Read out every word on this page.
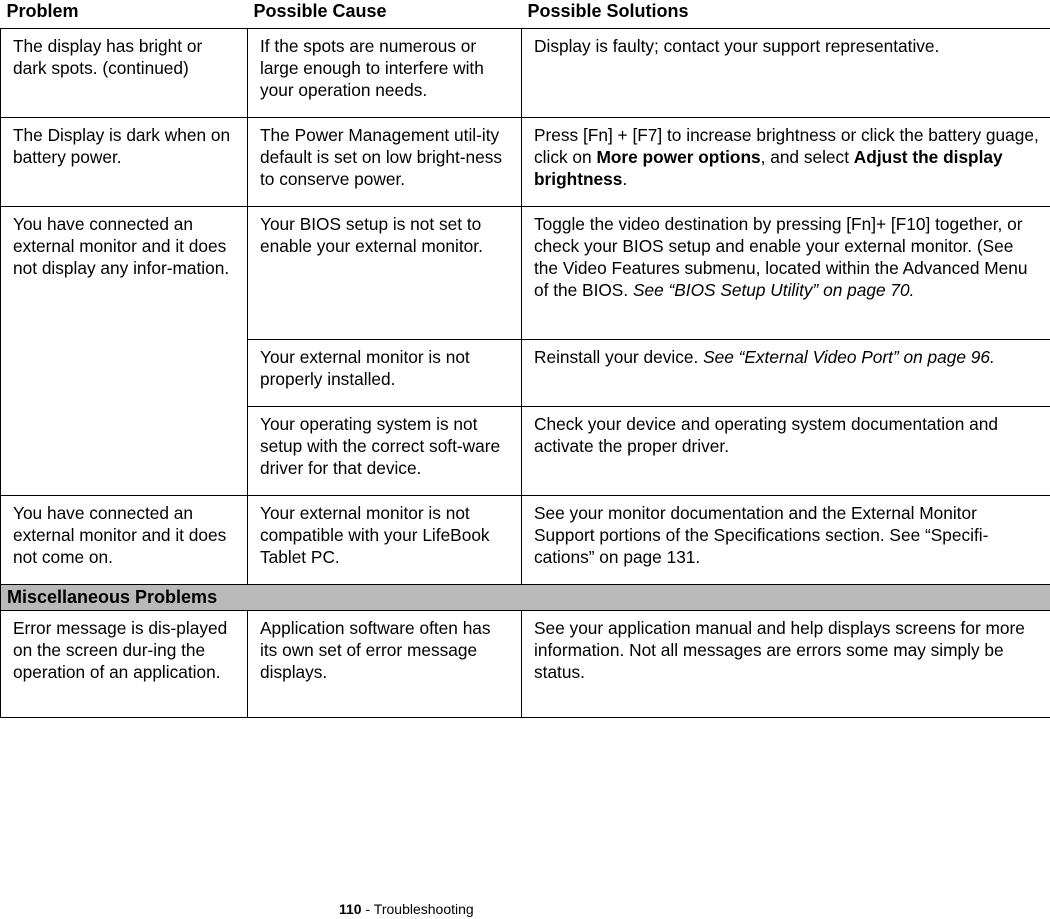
Problem	Possible Cause	Possible Solutions
The display has bright or dark spots. (continued)	If the spots are numerous or large enough to interfere with your operation needs.	Display is faulty; contact your support representative.
The Display is dark when on battery power.	The Power Management util-ity default is set on low bright-ness to conserve power.	Press [Fn] + [F7] to increase brightness or click the battery guage, click on More power options, and select Adjust the display brightness.
You have connected an external monitor and it does not display any infor-mation.	Your BIOS setup is not set to enable your external monitor.	Toggle the video destination by pressing [Fn]+ [F10] together, or check your BIOS setup and enable your external monitor. (See the Video Features submenu, located within the Advanced Menu of the BIOS. See “BIOS Setup Utility” on page 70.
	Your external monitor is not properly installed.	Reinstall your device. See “External Video Port” on page 96.
	Your operating system is not setup with the correct soft-ware driver for that device.	Check your device and operating system documentation and activate the proper driver.
You have connected an external monitor and it does not come on.	Your external monitor is not compatible with your LifeBook Tablet PC.	See your monitor documentation and the External Monitor Support portions of the Specifications section. See “Specifi-cations” on page 131.
Miscellaneous Problems		
Error message is dis-played on the screen dur-ing the operation of an application.	Application software often has its own set of error message displays.	See your application manual and help displays screens for more information. Not all messages are errors some may simply be status.
110 - Troubleshooting
